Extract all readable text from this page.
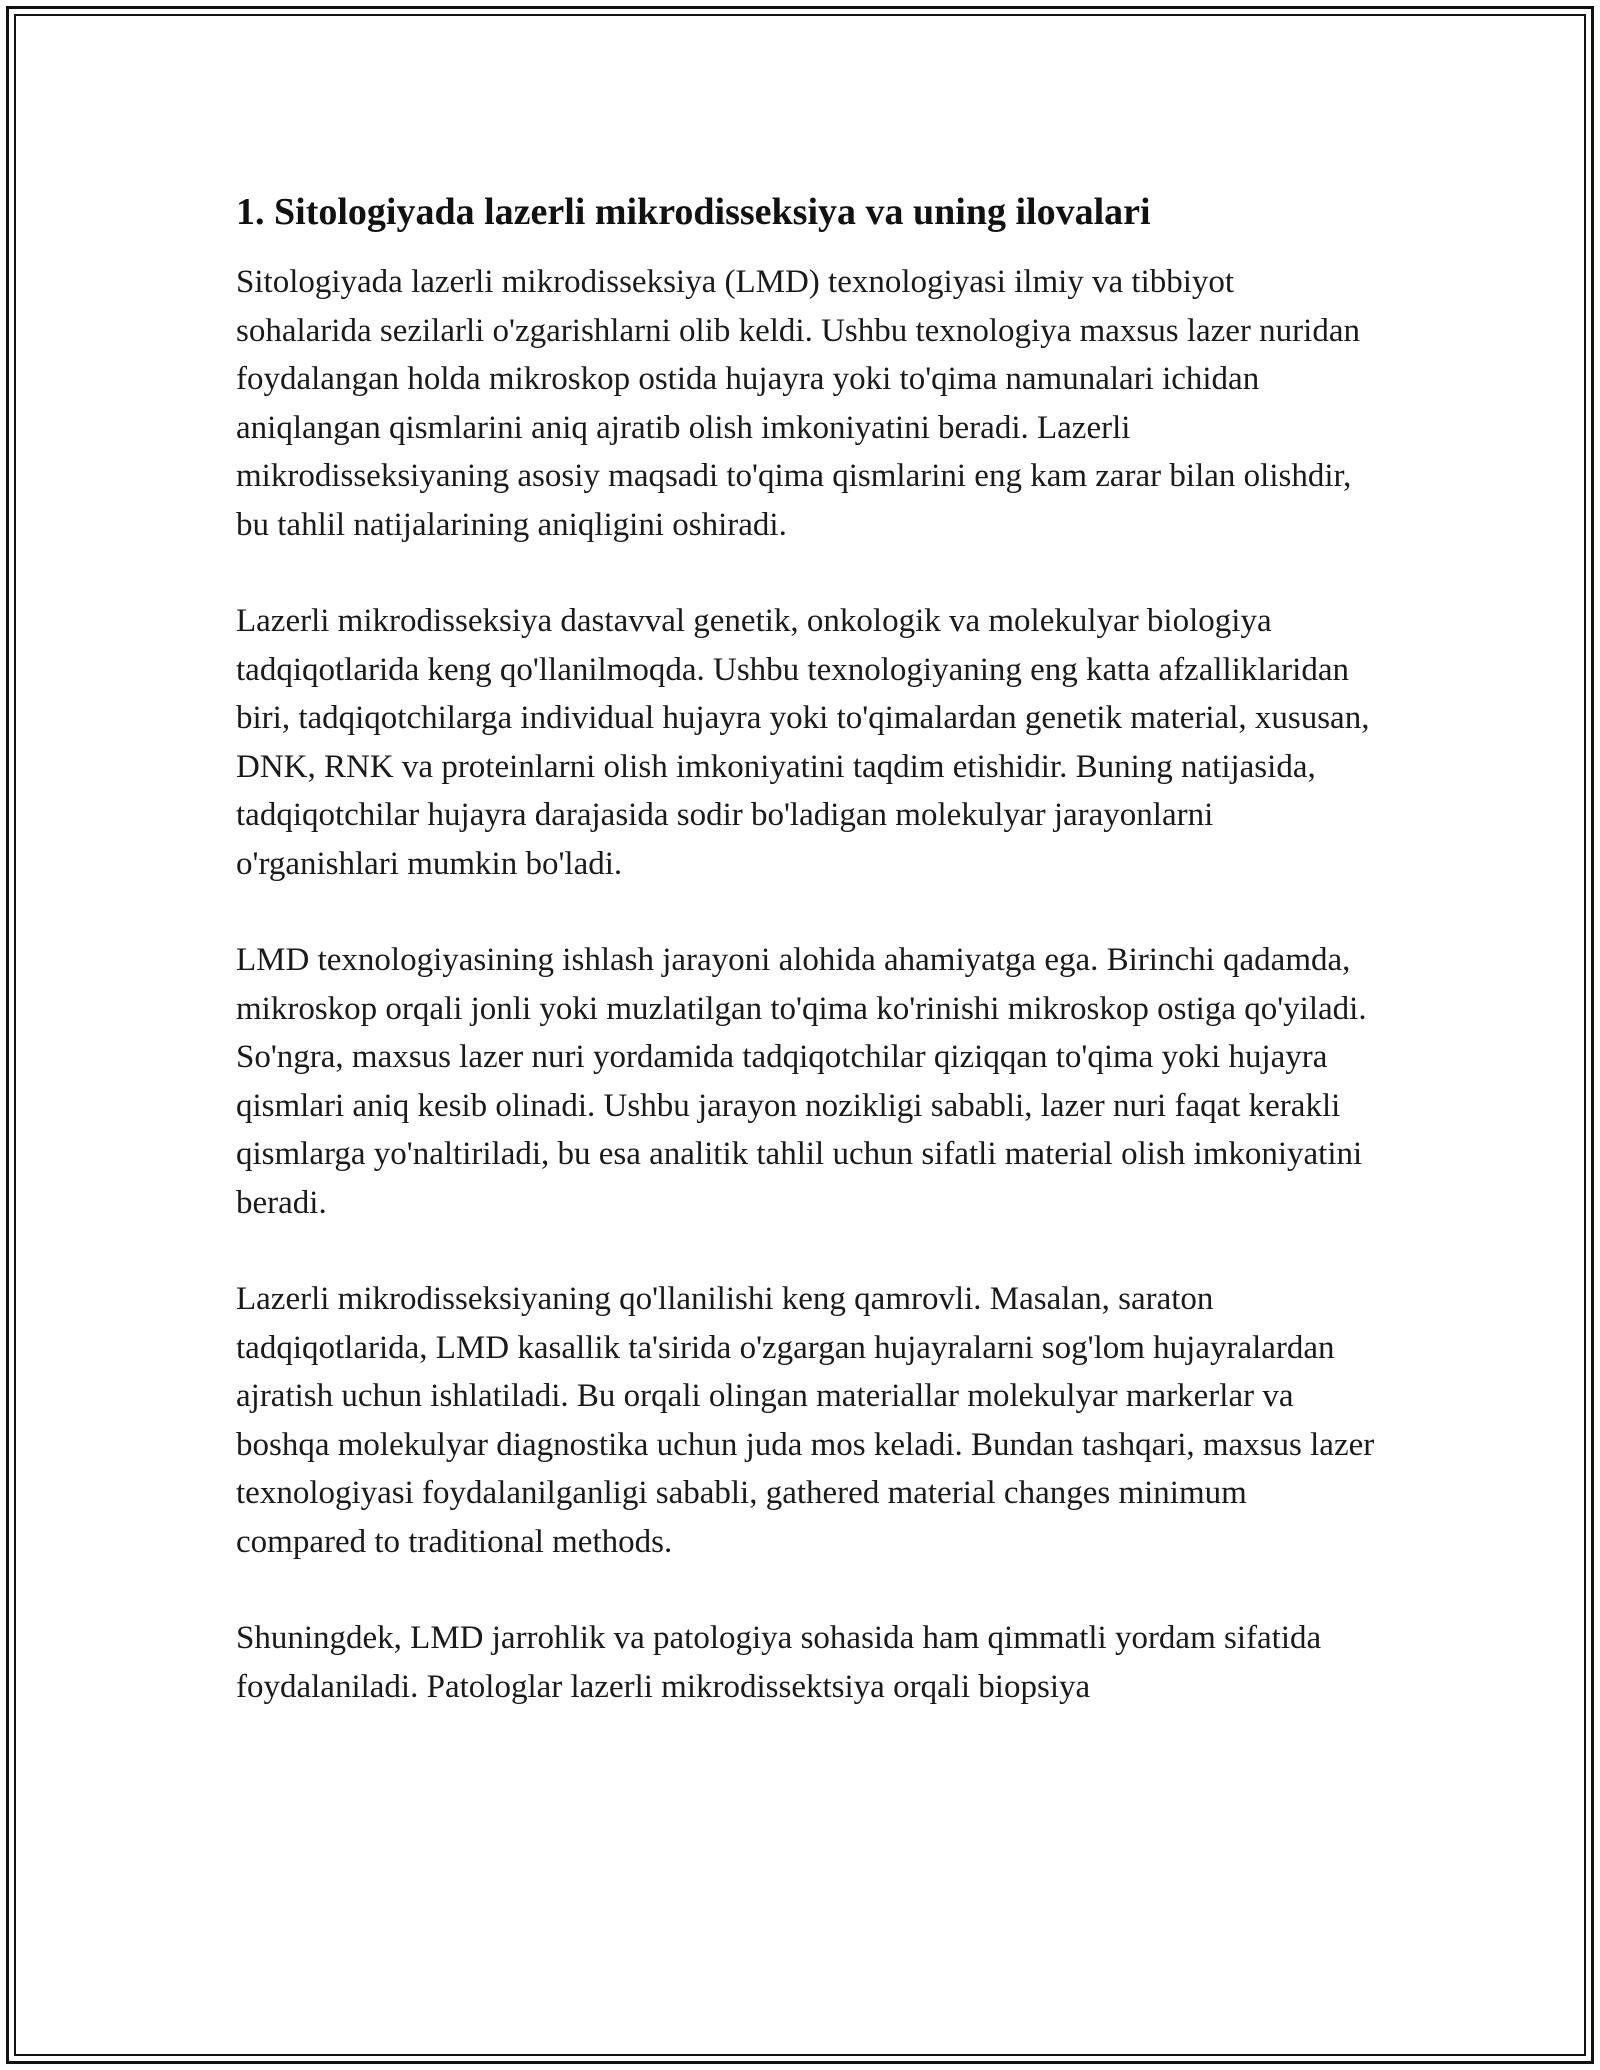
1. Sitologiyada lazerli mikrodisseksiya va uning ilovalari

Sitologiyada lazerli mikrodisseksiya (LMD) texnologiyasi ilmiy va tibbiyot sohalarida sezilarli o'zgarishlarni olib keldi. Ushbu texnologiya maxsus lazer nuridan foydalangan holda mikroskop ostida hujayra yoki to'qima namunalari ichidan aniqlangan qismlarini aniq ajratib olish imkoniyatini beradi. Lazerli mikrodisseksiyaning asosiy maqsadi to'qima qismlarini eng kam zarar bilan olishdir, bu tahlil natijalarining aniqligini oshiradi.

Lazerli mikrodisseksiya dastavval genetik, onkologik va molekulyar biologiya tadqiqotlarida keng qo'llanilmoqda. Ushbu texnologiyaning eng katta afzalliklaridan biri, tadqiqotchilarga individual hujayra yoki to'qimalardan genetik material, xususan, DNK, RNK va proteinlarni olish imkoniyatini taqdim etishidir. Buning natijasida, tadqiqotchilar hujayra darajasida sodir bo'ladigan molekulyar jarayonlarni o'rganishlari mumkin bo'ladi.

LMD texnologiyasining ishlash jarayoni alohida ahamiyatga ega. Birinchi qadamda, mikroskop orqali jonli yoki muzlatilgan to'qima ko'rinishi mikroskop ostiga qo'yiladi. So'ngra, maxsus lazer nuri yordamida tadqiqotchilar qiziqqan to'qima yoki hujayra qismlari aniq kesib olinadi. Ushbu jarayon nozikligi sababli, lazer nuri faqat kerakli qismlarga yo'naltiriladi, bu esa analitik tahlil uchun sifatli material olish imkoniyatini beradi.

Lazerli mikrodisseksiyaning qo'llanilishi keng qamrovli. Masalan, saraton tadqiqotlarida, LMD kasallik ta'sirida o'zgargan hujayralarni sog'lom hujayralardan ajratish uchun ishlatiladi. Bu orqali olingan materiallar molekulyar markerlar va boshqa molekulyar diagnostika uchun juda mos keladi. Bundan tashqari, maxsus lazer texnologiyasi foydalanilganligi sababli, gathered material changes minimum compared to traditional methods.

Shuningdek, LMD jarrohlik va patologiya sohasida ham qimmatli yordam sifatida foydalaniladi. Patologlar lazerli mikrodissektsiya orqali biopsiya
